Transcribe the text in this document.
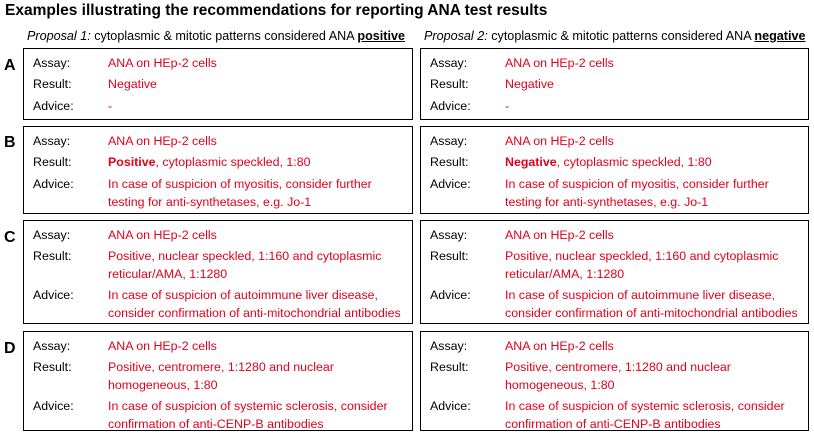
Examples illustrating the recommendations for reporting ANA test results
Proposal 1: cytoplasmic & mitotic patterns considered ANA positive Proposal 2: cytoplasmic & mitotic patterns considered ANA negative
A Assay:	ANA on HEp-2 cells
Result:	Negative
Advice:	-
Assay:	ANA on HEp-2 cells
Result:	Negative
Advice:	-
B Assay:	ANA on HEp-2 cells
Result:	Positive, cytoplasmic speckled, 1:80
Advice:	In case of suspicion of myositis, consider further testing for anti-synthetases, e.g. Jo-1
Assay:	ANA on HEp-2 cells
Result:	Negative, cytoplasmic speckled, 1:80
Advice:	In case of suspicion of myositis, consider further testing for anti-synthetases, e.g. Jo-1
C Assay:	ANA on HEp-2 cells
Result:	Positive, nuclear speckled, 1:160 and cytoplasmic reticular/AMA, 1:1280
Advice:	In case of suspicion of autoimmune liver disease, consider confirmation of anti-mitochondrial antibodies
Assay:	ANA on HEp-2 cells
Result:	Positive, nuclear speckled, 1:160 and cytoplasmic reticular/AMA, 1:1280
Advice:	In case of suspicion of autoimmune liver disease, consider confirmation of anti-mitochondrial antibodies
D Assay:	ANA on HEp-2 cells
Result:	Positive, centromere, 1:1280 and nuclear homogeneous, 1:80
Advice:	In case of suspicion of systemic sclerosis, consider confirmation of anti-CENP-B antibodies
Assay:	ANA on HEp-2 cells
Result:	Positive, centromere, 1:1280 and nuclear homogeneous, 1:80
Advice:	In case of suspicion of systemic sclerosis, consider confirmation of anti-CENP-B antibodies
